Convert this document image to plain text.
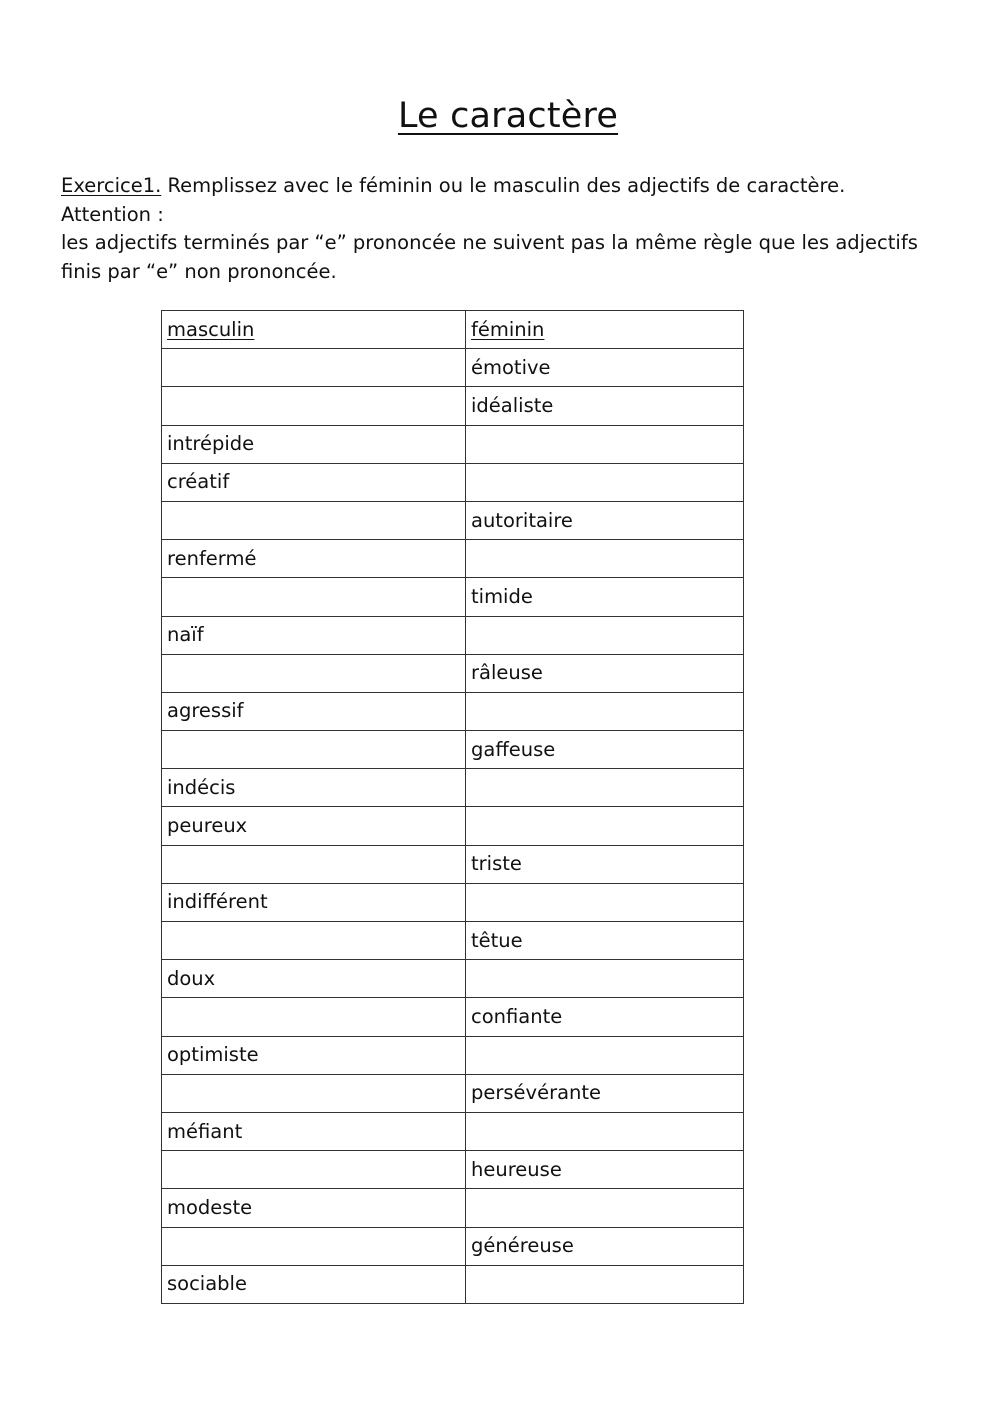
Le caractère

Exercice1. Remplissez avec le féminin ou le masculin des adjectifs de caractère.

Attention :

les adjectifs terminés par “e” prononcée ne suivent pas la même règle que les adjectifs finis par “e” non prononcée.

masculin	féminin
	émotive
	idéaliste
intrépide	
créatif	
	autoritaire
renfermé	
	timide
naïf	
	râleuse
agressif	
	gaffeuse
indécis	
peureux	
	triste
indifférent	
	têtue
doux	
	confiante
optimiste	
	persévérante
méfiant	
	heureuse
modeste	
	généreuse
sociable	
